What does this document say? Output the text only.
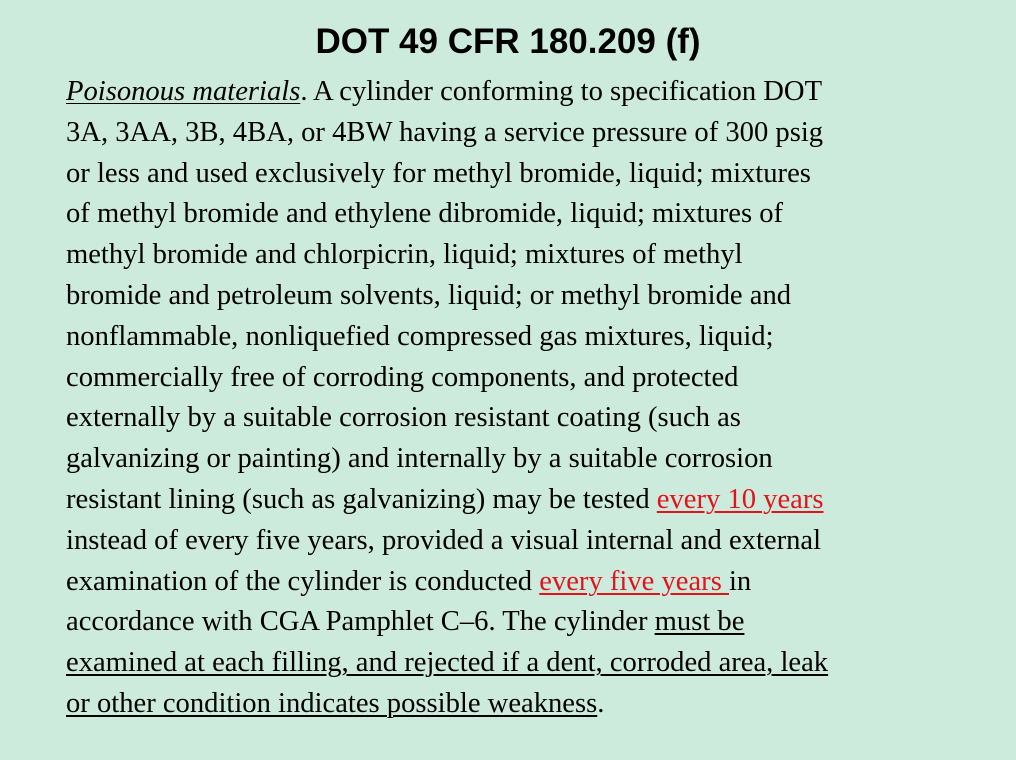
DOT 49 CFR 180.209 (f)
Poisonous materials. A cylinder conforming to specification DOT
3A, 3AA, 3B, 4BA, or 4BW having a service pressure of 300 psig
or less and used exclusively for methyl bromide, liquid; mixtures
of methyl bromide and ethylene dibromide, liquid; mixtures of
methyl bromide and chlorpicrin, liquid; mixtures of methyl
bromide and petroleum solvents, liquid; or methyl bromide and
nonflammable, nonliquefied compressed gas mixtures, liquid;
commercially free of corroding components, and protected
externally by a suitable corrosion resistant coating (such as
galvanizing or painting) and internally by a suitable corrosion
resistant lining (such as galvanizing) may be tested every 10 years
instead of every five years, provided a visual internal and external
examination of the cylinder is conducted every five years in
accordance with CGA Pamphlet C–6. The cylinder must be
examined at each filling, and rejected if a dent, corroded area, leak
or other condition indicates possible weakness.
